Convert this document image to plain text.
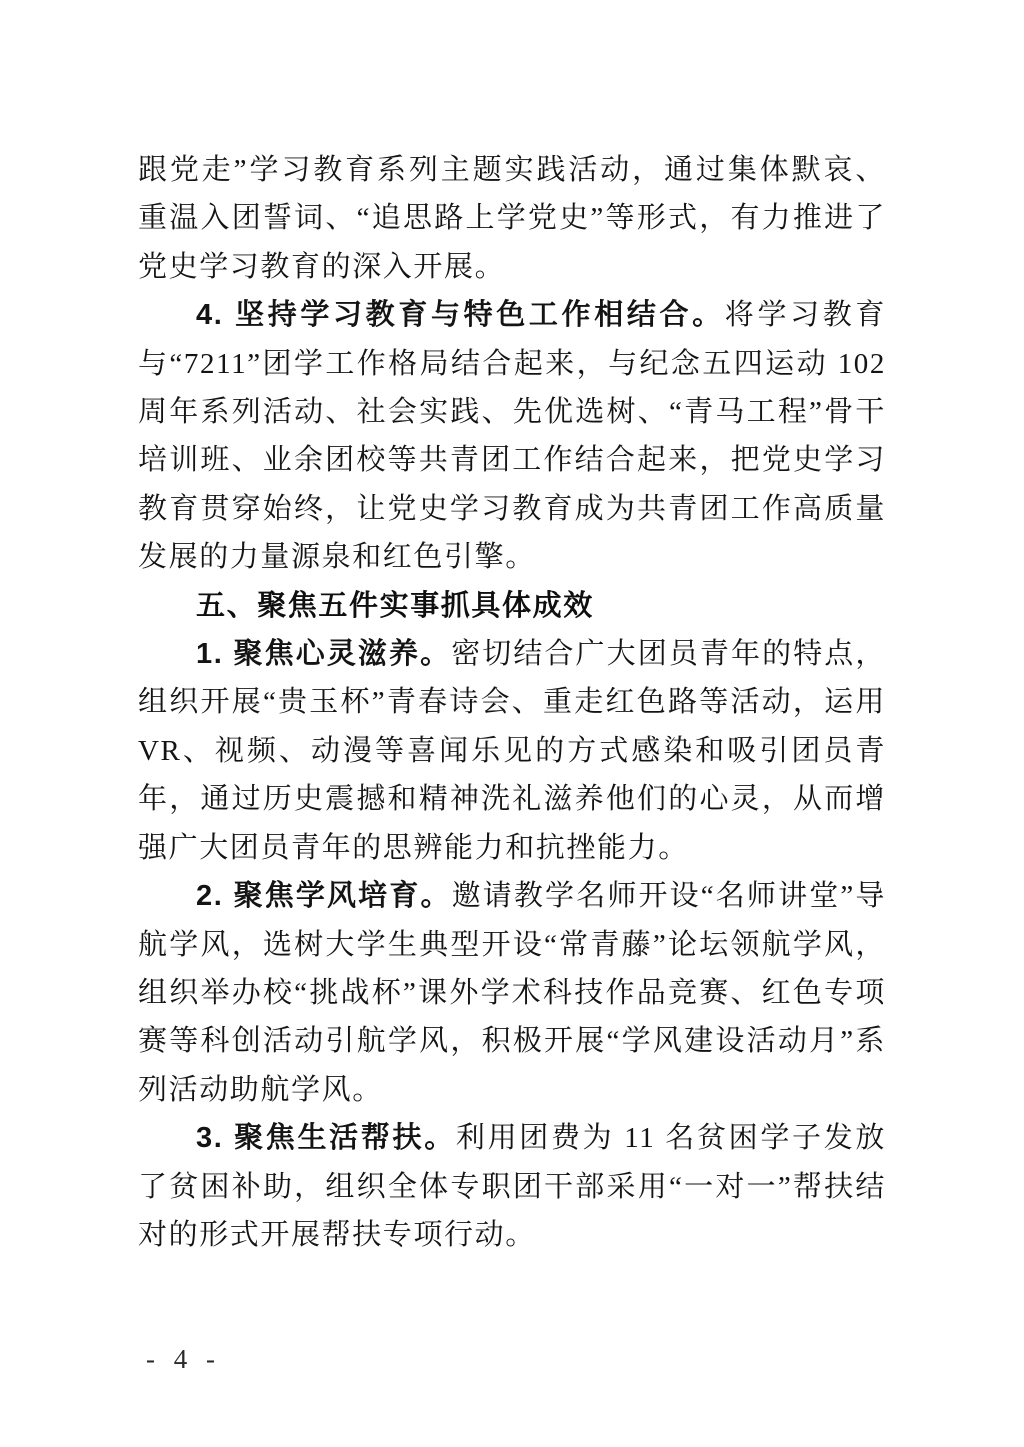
跟党走”学习教育系列主题实践活动，通过集体默哀、重温入团誓词、“追思路上学党史”等形式，有力推进了党史学习教育的深入开展。

4. 坚持学习教育与特色工作相结合。将学习教育与“7211”团学工作格局结合起来，与纪念五四运动 102 周年系列活动、社会实践、先优选树、“青马工程”骨干培训班、业余团校等共青团工作结合起来，把党史学习教育贯穿始终，让党史学习教育成为共青团工作高质量发展的力量源泉和红色引擎。

五、聚焦五件实事抓具体成效

1. 聚焦心灵滋养。密切结合广大团员青年的特点，组织开展“贵玉杯”青春诗会、重走红色路等活动，运用 VR、视频、动漫等喜闻乐见的方式感染和吸引团员青年，通过历史震撼和精神洗礼滋养他们的心灵，从而增强广大团员青年的思辨能力和抗挫能力。

2. 聚焦学风培育。邀请教学名师开设“名师讲堂”导航学风，选树大学生典型开设“常青藤”论坛领航学风，组织举办校“挑战杯”课外学术科技作品竞赛、红色专项赛等科创活动引航学风，积极开展“学风建设活动月”系列活动助航学风。

3. 聚焦生活帮扶。利用团费为 11 名贫困学子发放了贫困补助，组织全体专职团干部采用“一对一”帮扶结对的形式开展帮扶专项行动。

- 4 -
